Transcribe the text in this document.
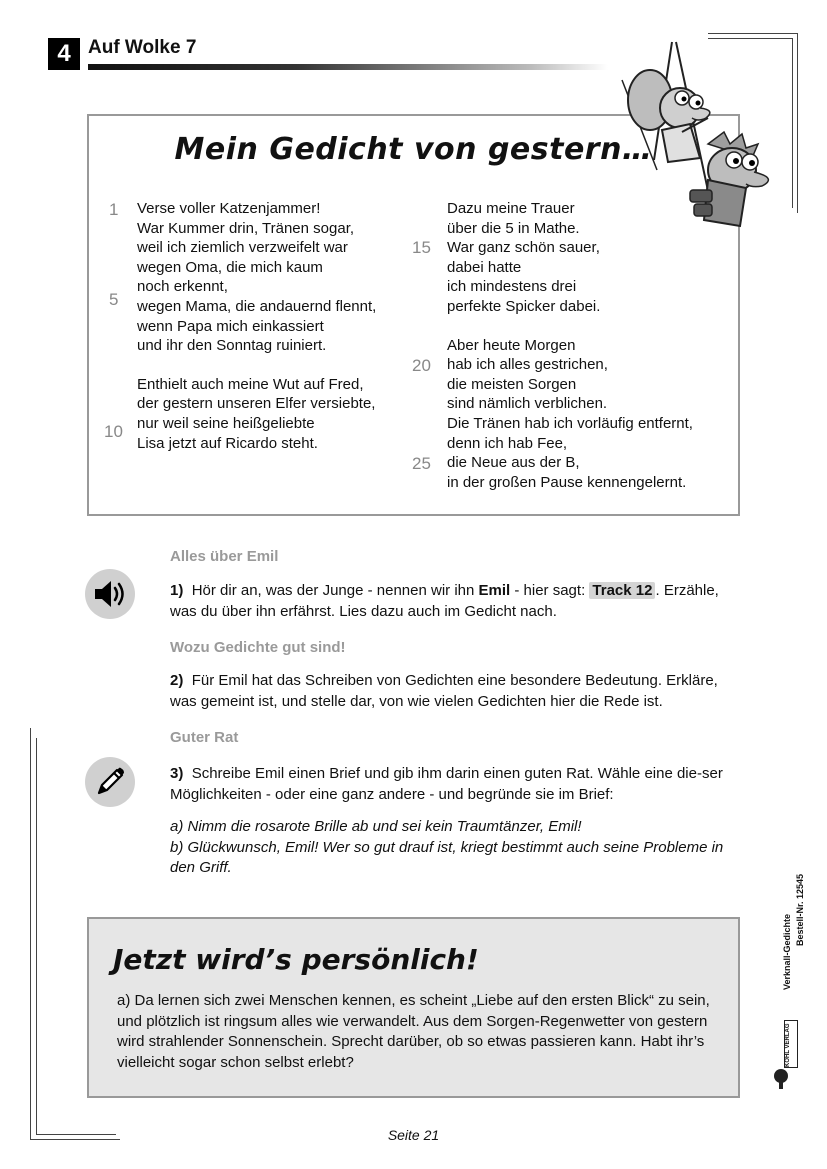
4 Auf Wolke 7
Mein Gedicht von gestern…
1
5
10
15
20
25
Verse voller Katzenjammer!
War Kummer drin, Tränen sogar,
weil ich ziemlich verzweifelt war
wegen Oma, die mich kaum
noch erkennt,
wegen Mama, die andauernd flennt,
wenn Papa mich einkassiert
und ihr den Sonntag ruiniert.
Enthielt auch meine Wut auf Fred,
der gestern unseren Elfer versiebte,
nur weil seine heißgeliebte
Lisa jetzt auf Ricardo steht.
Dazu meine Trauer
über die 5 in Mathe.
War ganz schön sauer,
dabei hatte
ich mindestens drei
perfekte Spicker dabei.
Aber heute Morgen
hab ich alles gestrichen,
die meisten Sorgen
sind nämlich verblichen.
Die Tränen hab ich vorläufig entfernt,
denn ich hab Fee,
die Neue aus der B,
in der großen Pause kennengelernt.
Alles über Emil
1) Hör dir an, was der Junge - nennen wir ihn Emil - hier sagt: Track 12 . Erzähle, was du über ihn erfährst. Lies dazu auch im Gedicht nach.
Wozu Gedichte gut sind!
2) Für Emil hat das Schreiben von Gedichten eine besondere Bedeutung. Erkläre, was gemeint ist, und stelle dar, von wie vielen Gedichten hier die Rede ist.
Guter Rat
3) Schreibe Emil einen Brief und gib ihm darin einen guten Rat. Wähle eine die-ser Möglichkeiten - oder eine ganz andere - und begründe sie im Brief:
a) Nimm die rosarote Brille ab und sei kein Traumtänzer, Emil!
b) Glückwunsch, Emil! Wer so gut drauf ist, kriegt bestimmt auch seine Probleme in den Griff.
Jetzt wird’s persönlich!
a) Da lernen sich zwei Menschen kennen, es scheint „Liebe auf den ersten Blick“ zu sein, und plötzlich ist ringsum alles wie verwandelt. Aus dem Sorgen-Regenwetter von gestern wird strahlender Sonnenschein. Sprecht darüber, ob so etwas passieren kann. Habt ihr’s vielleicht sogar schon selbst erlebt?
Bestell-Nr. 12545
Verknall-Gedichte
KOHL VERLAG
Seite 21
